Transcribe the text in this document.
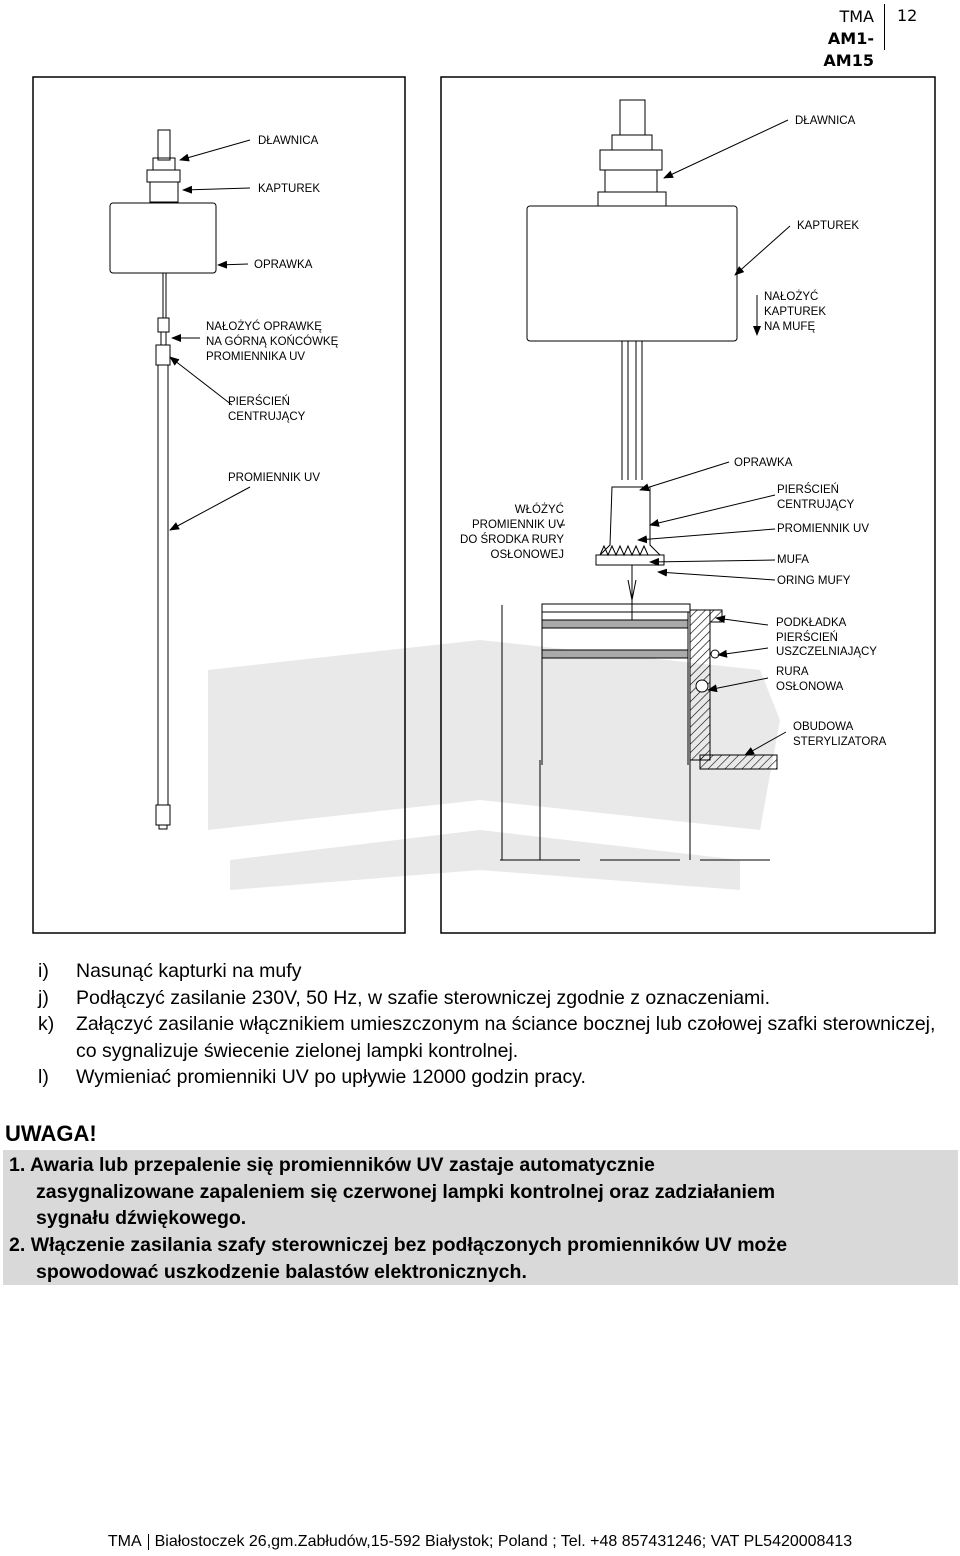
TMA
AM1-AM15
12
DŁAWNICA
KAPTUREK
OPRAWKA
NAŁOŻYĆ OPRAWKĘ
NA GÓRNĄ KOŃCÓWKĘ
PROMIENNIKA UV
PIERŚCIEŃ
CENTRUJĄCY
PROMIENNIK UV
WŁÓŻYĆ
PROMIENNIK UV
DO ŚRODKA RURY
OSŁONOWEJ
DŁAWNICA
KAPTUREK
NAŁOŻYĆ
KAPTUREK
NA MUFĘ
OPRAWKA
PIERŚCIEŃ
CENTRUJĄCY
PROMIENNIK UV
MUFA
ORING MUFY
PODKŁADKA
PIERŚCIEŃ
USZCZELNIAJĄCY
RURA
OSŁONOWA
OBUDOWA
STERYLIZATORA
i) Nasunąć kapturki na mufy
j) Podłączyć zasilanie 230V, 50 Hz, w szafie sterowniczej zgodnie z oznaczeniami.
k) Załączyć zasilanie włącznikiem umieszczonym na ściance bocznej lub czołowej szafki sterowniczej, co sygnalizuje świecenie zielonej lampki kontrolnej.
l) Wymieniać promienniki UV po upływie 12000 godzin pracy.
UWAGA!
1. Awaria lub przepalenie się promienników UV zastaje automatycznie
zasygnalizowane zapaleniem się czerwonej lampki kontrolnej oraz zadziałaniem
sygnału dźwiękowego.
2. Włączenie zasilania szafy sterowniczej bez podłączonych promienników UV może
spowodować uszkodzenie balastów elektronicznych.
TMA Białostoczek 26,gm.Zabłudów,15-592 Białystok; Poland ; Tel. +48 857431246; VAT PL5420008413
